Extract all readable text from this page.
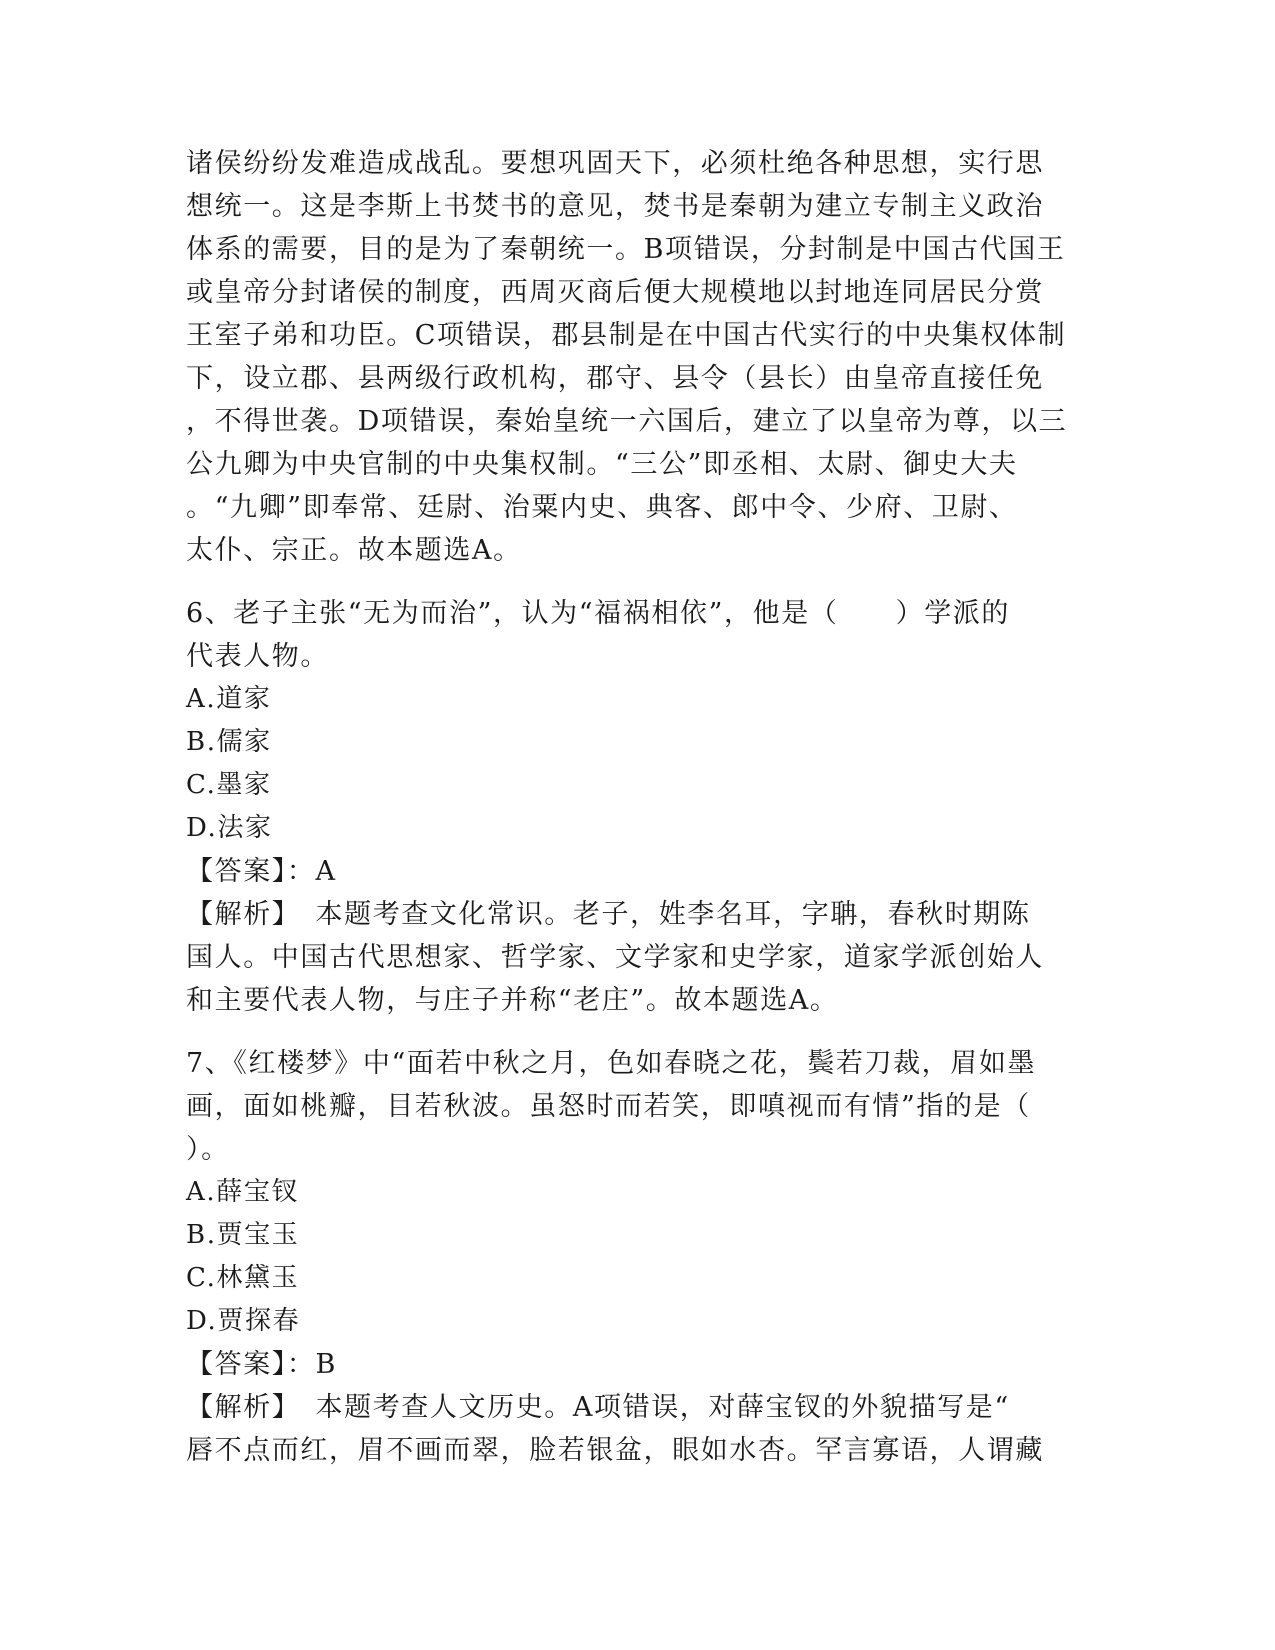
诸侯纷纷发难造成战乱。要想巩固天下，必须杜绝各种思想，实行思
想统一。这是李斯上书焚书的意见，焚书是秦朝为建立专制主义政治
体系的需要，目的是为了秦朝统一。B项错误，分封制是中国古代国王
或皇帝分封诸侯的制度，西周灭商后便大规模地以封地连同居民分赏
王室子弟和功臣。C项错误，郡县制是在中国古代实行的中央集权体制
下，设立郡、县两级行政机构，郡守、县令（县长）由皇帝直接任免
，不得世袭。D项错误，秦始皇统一六国后，建立了以皇帝为尊，以三
公九卿为中央官制的中央集权制。“三公”即丞相、太尉、御史大夫
。“九卿”即奉常、廷尉、治粟内史、典客、郎中令、少府、卫尉、
太仆、宗正。故本题选A。
6、老子主张“无为而治”，认为“福祸相依”，他是（　　）学派的
代表人物。
A.道家
B.儒家
C.墨家
D.法家
【答案】：A
【解析】　本题考查文化常识。老子，姓李名耳，字聃，春秋时期陈
国人。中国古代思想家、哲学家、文学家和史学家，道家学派创始人
和主要代表人物，与庄子并称“老庄”。故本题选A。
7、《红楼梦》中“面若中秋之月，色如春晓之花，鬓若刀裁，眉如墨
画，面如桃瓣，目若秋波。虽怒时而若笑，即嗔视而有情”指的是（
）。
A.薛宝钗
B.贾宝玉
C.林黛玉
D.贾探春
【答案】：B
【解析】　本题考查人文历史。A项错误，对薛宝钗的外貌描写是“
唇不点而红，眉不画而翠，脸若银盆，眼如水杏。罕言寡语，人谓藏
